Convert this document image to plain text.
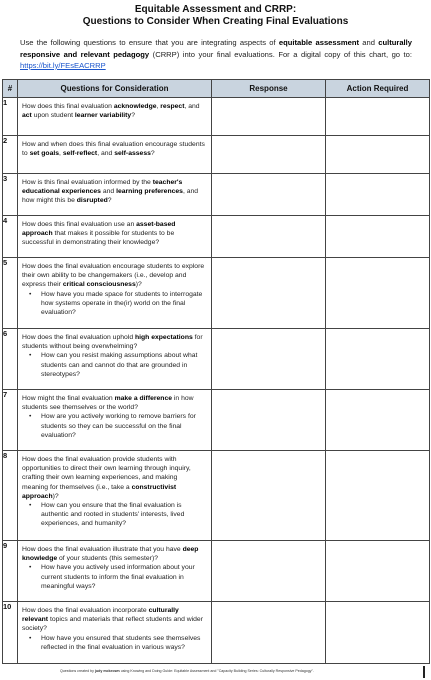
Equitable Assessment and CRRP:
Questions to Consider When Creating Final Evaluations

Use the following questions to ensure that you are integrating aspects of equitable assessment and culturally responsive and relevant pedagogy (CRRP) into your final evaluations. For a digital copy of this chart, go to: https://bit.ly/FEsEACRRP

#	Questions for Consideration	Response	Action Required
1	How does this final evaluation acknowledge, respect, and act upon student learner variability?		

2	How and when does this final evaluation encourage students to set goals, self-reflect, and self-assess?		

3	How is this final evaluation informed by the teacher's educational experiences and learning preferences, and how might this be disrupted?		

4	How does this final evaluation use an asset-based approach that makes it possible for students to be successful in demonstrating their knowledge?		

5	How does the final evaluation encourage students to explore their own ability to be changemakers (i.e., develop and express their critical consciousness)?
• How have you made space for students to interrogate how systems operate in the(ir) world on the final evaluation?

6	How does the final evaluation uphold high expectations for students without being overwhelming?
• How can you resist making assumptions about what students can and cannot do that are grounded in stereotypes?

7	How might the final evaluation make a difference in how students see themselves or the world?
• How are you actively working to remove barriers for students so they can be successful on the final evaluation?

8	How does the final evaluation provide students with opportunities to direct their own learning through inquiry, crafting their own learning experiences, and making meaning for themselves (i.e., take a constructivist approach)?
• How can you ensure that the final evaluation is authentic and rooted in students' interests, lived experiences, and humanity?

9	How does the final evaluation illustrate that you have deep knowledge of your students (this semester)?
• How have you actively used information about your current students to inform the final evaluation in meaningful ways?

10	How does the final evaluation incorporate culturally relevant topics and materials that reflect students and wider society?
• How have you ensured that students see themselves reflected in the final evaluation in various ways?

Questions created by judy mckeown using Knowing and Doing Guide: Equitable Assessment and "Capacity Building Series: Culturally Responsive Pedagogy".
